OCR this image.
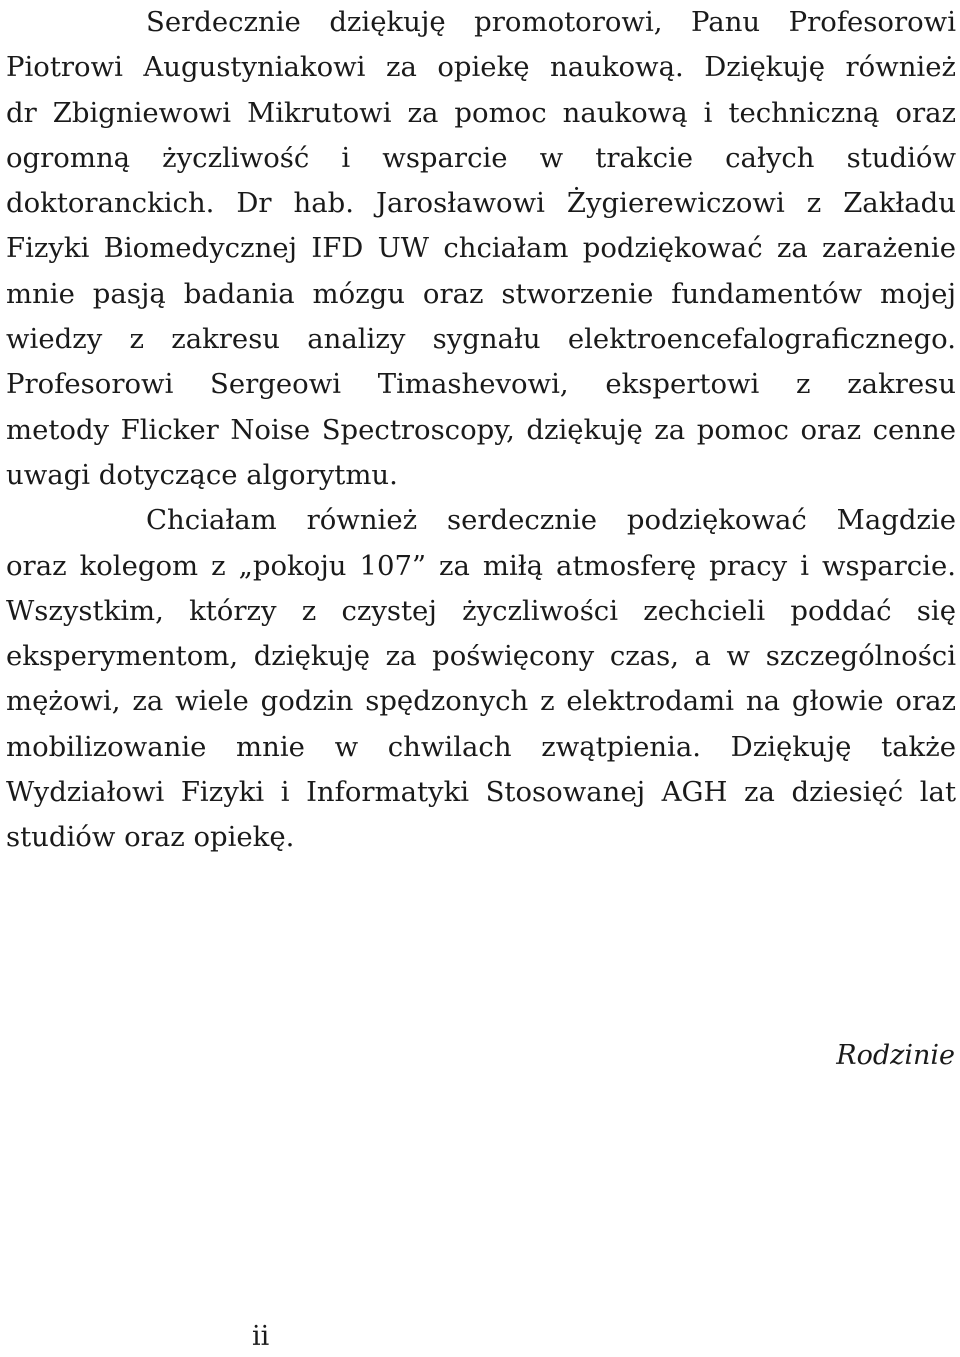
Serdecznie dziękuję promotorowi, Panu Profesorowi
Piotrowi Augustyniakowi za opiekę naukową. Dziękuję również
dr Zbigniewowi Mikrutowi za pomoc naukową i techniczną oraz
ogromną życzliwość i wsparcie w trakcie całych studiów
doktoranckich. Dr hab. Jarosławowi Żygierewiczowi z Zakładu
Fizyki Biomedycznej IFD UW chciałam podziękować za zarażenie
mnie pasją badania mózgu oraz stworzenie fundamentów mojej
wiedzy z zakresu analizy sygnału elektroencefalograficznego.
Profesorowi Sergeowi Timashevowi, ekspertowi z zakresu
metody Flicker Noise Spectroscopy, dziękuję za pomoc oraz cenne
uwagi dotyczące algorytmu.
Chciałam również serdecznie podziękować Magdzie
oraz kolegom z „pokoju 107” za miłą atmosferę pracy i wsparcie.
Wszystkim, którzy z czystej życzliwości zechcieli poddać się
eksperymentom, dziękuję za poświęcony czas, a w szczególności
mężowi, za wiele godzin spędzonych z elektrodami na głowie oraz
mobilizowanie mnie w chwilach zwątpienia. Dziękuję także
Wydziałowi Fizyki i Informatyki Stosowanej AGH za dziesięć lat
studiów oraz opiekę.
Rodzinie
ii
